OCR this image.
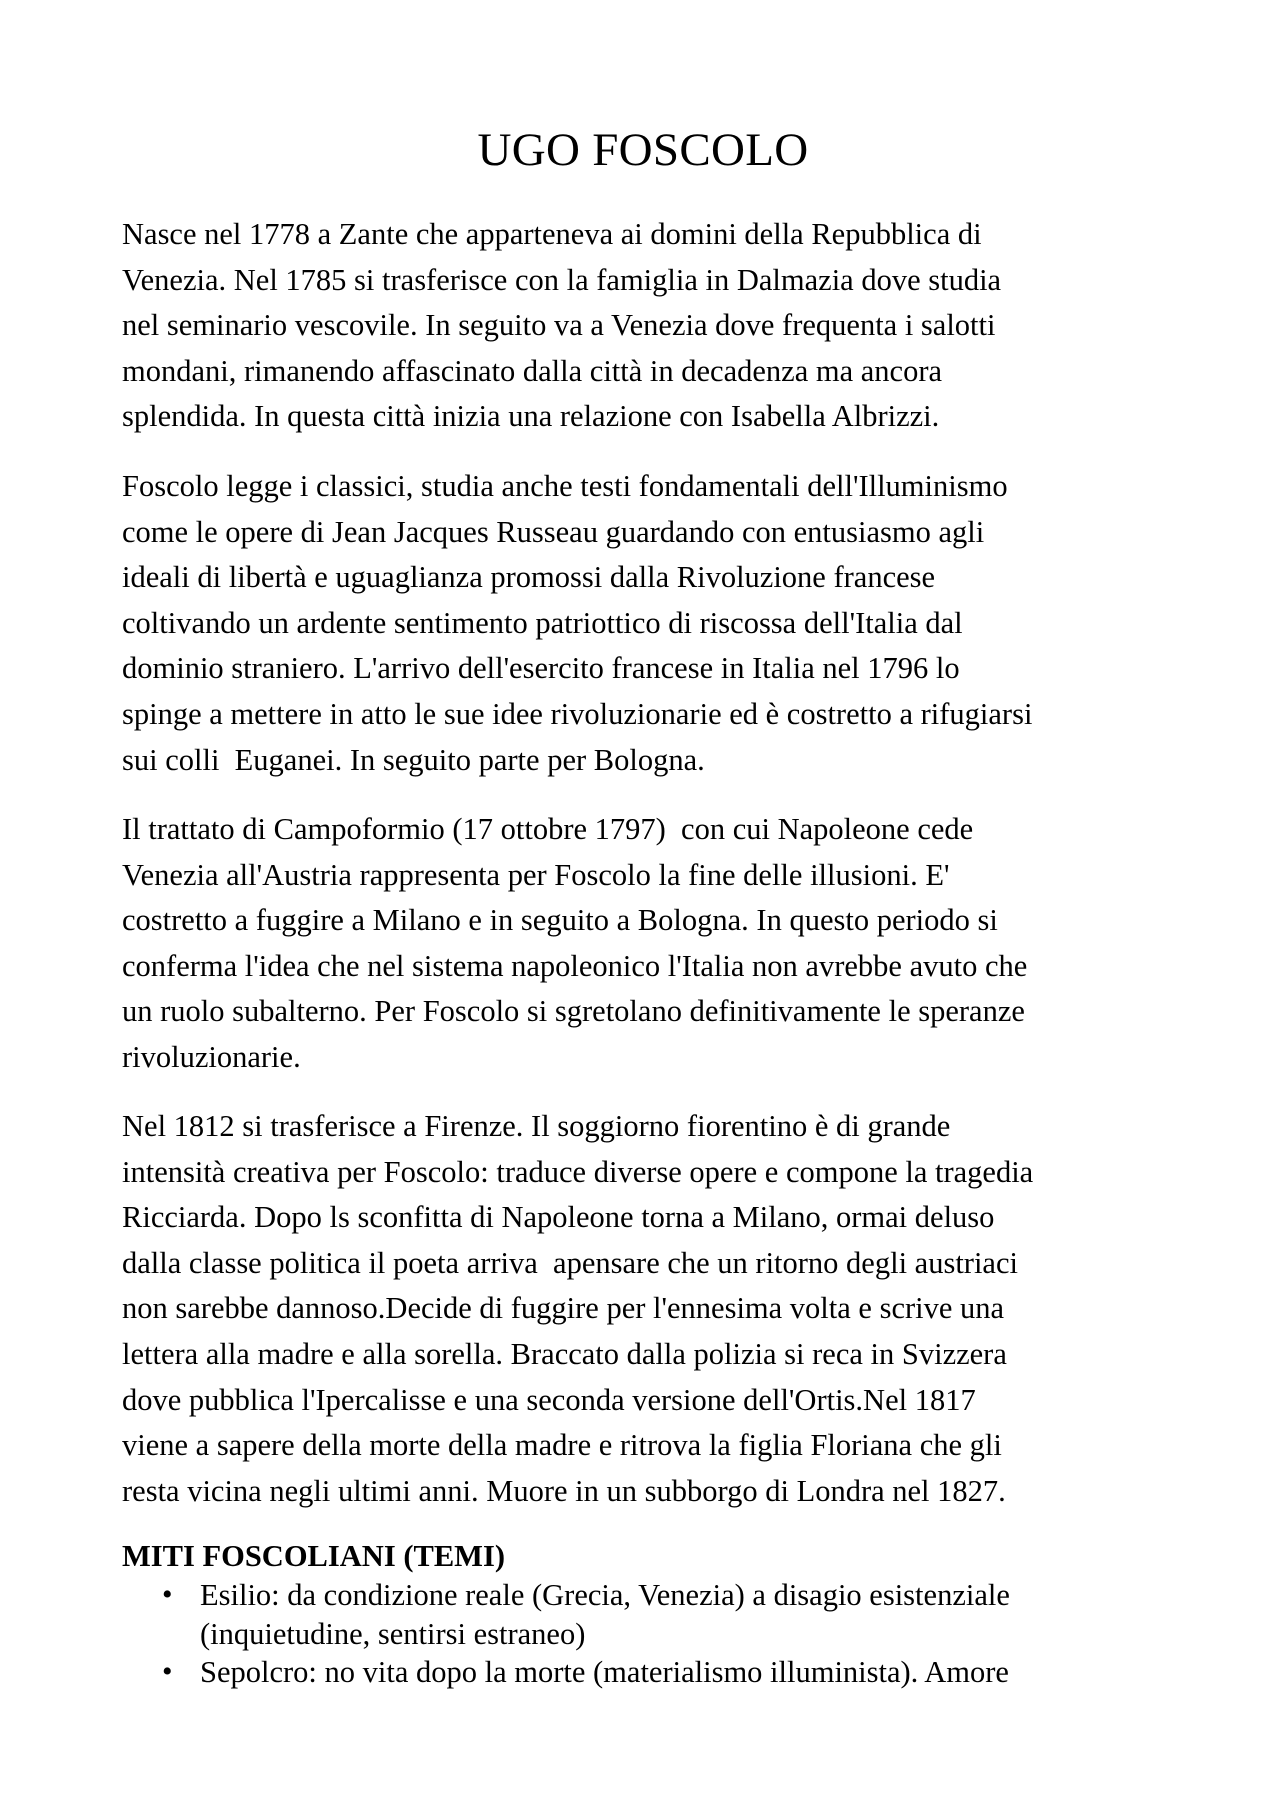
UGO FOSCOLO

Nasce nel 1778 a Zante che apparteneva ai domini della Repubblica di
Venezia. Nel 1785 si trasferisce con la famiglia in Dalmazia dove studia
nel seminario vescovile. In seguito va a Venezia dove frequenta i salotti
mondani, rimanendo affascinato dalla città in decadenza ma ancora
splendida. In questa città inizia una relazione con Isabella Albrizzi.

Foscolo legge i classici, studia anche testi fondamentali dell'Illuminismo
come le opere di Jean Jacques Russeau guardando con entusiasmo agli
ideali di libertà e uguaglianza promossi dalla Rivoluzione francese
coltivando un ardente sentimento patriottico di riscossa dell'Italia dal
dominio straniero. L'arrivo dell'esercito francese in Italia nel 1796 lo
spinge a mettere in atto le sue idee rivoluzionarie ed è costretto a rifugiarsi
sui colli  Euganei. In seguito parte per Bologna.

Il trattato di Campoformio (17 ottobre 1797)  con cui Napoleone cede
Venezia all'Austria rappresenta per Foscolo la fine delle illusioni. E'
costretto a fuggire a Milano e in seguito a Bologna. In questo periodo si
conferma l'idea che nel sistema napoleonico l'Italia non avrebbe avuto che
un ruolo subalterno. Per Foscolo si sgretolano definitivamente le speranze
rivoluzionarie.

Nel 1812 si trasferisce a Firenze. Il soggiorno fiorentino è di grande
intensità creativa per Foscolo: traduce diverse opere e compone la tragedia
Ricciarda. Dopo ls sconfitta di Napoleone torna a Milano, ormai deluso
dalla classe politica il poeta arriva  apensare che un ritorno degli austriaci
non sarebbe dannoso.Decide di fuggire per l'ennesima volta e scrive una
lettera alla madre e alla sorella. Braccato dalla polizia si reca in Svizzera
dove pubblica l'Ipercalisse e una seconda versione dell'Ortis.Nel 1817
viene a sapere della morte della madre e ritrova la figlia Floriana che gli
resta vicina negli ultimi anni. Muore in un subborgo di Londra nel 1827.

MITI FOSCOLIANI (TEMI)
• Esilio: da condizione reale (Grecia, Venezia) a disagio esistenziale
(inquietudine, sentirsi estraneo)
• Sepolcro: no vita dopo la morte (materialismo illuminista). Amore
